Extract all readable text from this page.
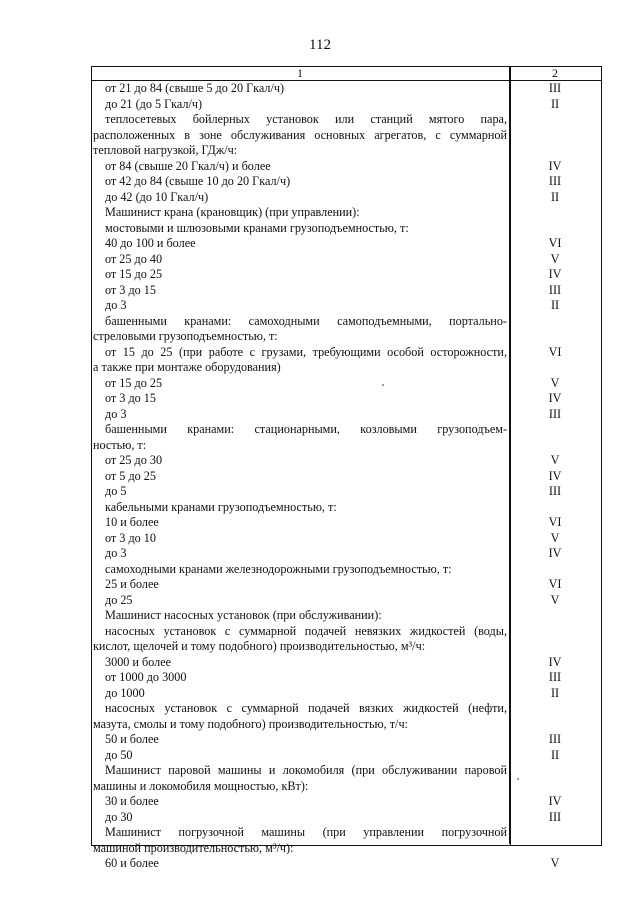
112
1	2
от 21 до 84 (свыше 5 до 20 Гкал/ч)	III
до 21 (до 5 Гкал/ч)	II
теплосетевых бойлерных установок или станций мятого пара,
расположенных в зоне обслуживания основных агрегатов, с суммарной
тепловой нагрузкой, ГДж/ч:
от 84 (свыше 20 Гкал/ч) и более	IV
от 42 до 84 (свыше 10 до 20 Гкал/ч)	III
до 42 (до 10 Гкал/ч)	II
Машинист крана (крановщик) (при управлении):
мостовыми и шлюзовыми кранами грузоподъемностью, т:
40 до 100 и более	VI
от 25 до 40	V
от 15 до 25	IV
от 3 до 15	III
до 3	II
башенными кранами: самоходными самоподъемными, портально-
стреловыми грузоподъемностью, т:
от 15 до 25 (при работе с грузами, требующими особой осторожности,	VI
а также при монтаже оборудования)
от 15 до 25	V
от 3 до 15	IV
до 3	III
башенными кранами: стационарными, козловыми грузоподъем-
ностью, т:
от 25 до 30	V
от 5 до 25	IV
до 5	III
кабельными кранами грузоподъемностью, т:
10 и более	VI
от 3 до 10	V
до 3	IV
самоходными кранами железнодорожными грузоподъемностью, т:
25 и более	VI
до 25	V
Машинист насосных установок (при обслуживании):
насосных установок с суммарной подачей невязких жидкостей (воды,
кислот, щелочей и тому подобного) производительностью, м³/ч:
3000 и более	IV
от 1000 до 3000	III
до 1000	II
насосных установок с суммарной подачей вязких жидкостей (нефти,
мазута, смолы и тому подобного) производительностью, т/ч:
50 и более	III
до 50	II
Машинист паровой машины и локомобиля (при обслуживании паровой
машины и локомобиля мощностью, кВт):
30 и более	IV
до 30	III
Машинист погрузочной машины (при управлении погрузочной
машиной производительностью, м³/ч):
60 и более	V
